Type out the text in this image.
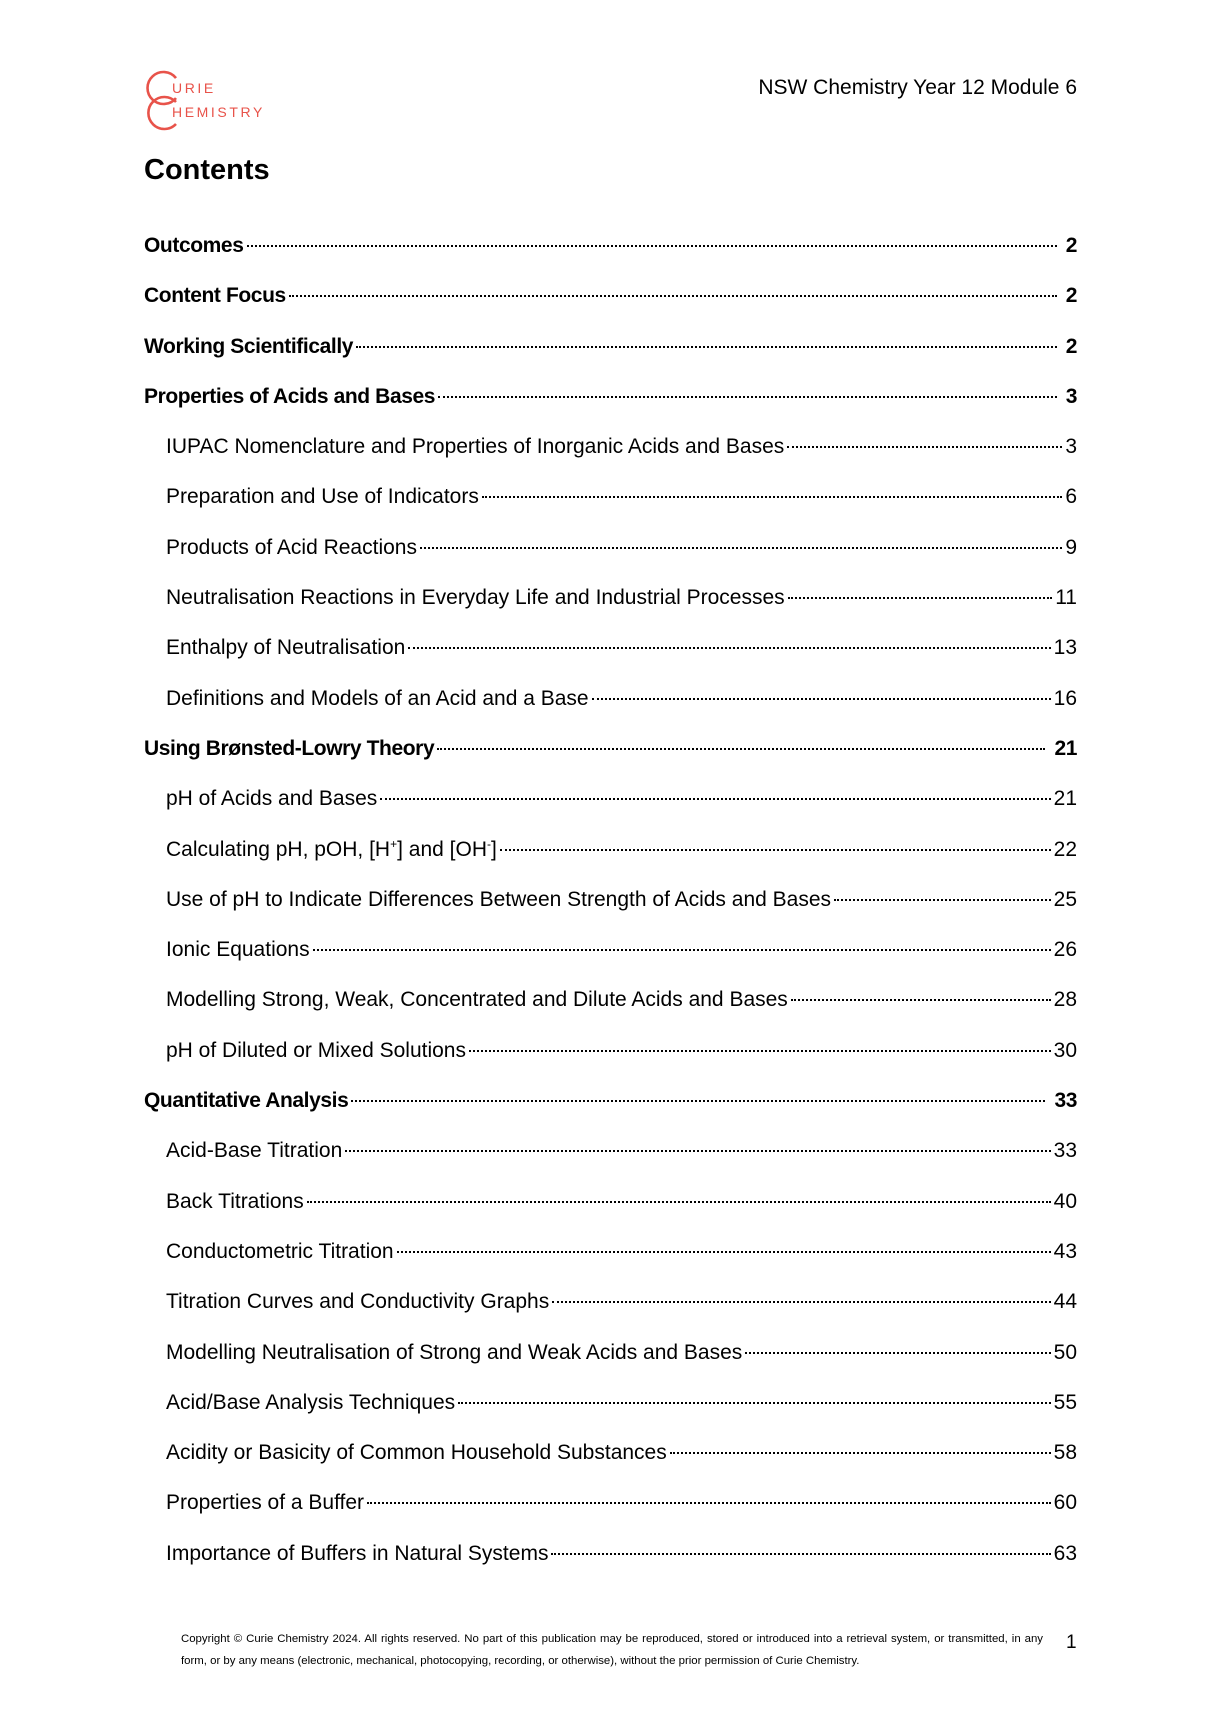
URIE
HEMISTRY
NSW Chemistry Year 12 Module 6
Contents
Outcomes	2
Content Focus	2
Working Scientifically	2
Properties of Acids and Bases	3
IUPAC Nomenclature and Properties of Inorganic Acids and Bases	3
Preparation and Use of Indicators	6
Products of Acid Reactions	9
Neutralisation Reactions in Everyday Life and Industrial Processes	11
Enthalpy of Neutralisation	13
Definitions and Models of an Acid and a Base	16
Using Brønsted-Lowry Theory	21
pH of Acids and Bases	21
Calculating pH, pOH, [H+] and [OH-]	22
Use of pH to Indicate Differences Between Strength of Acids and Bases	25
Ionic Equations	26
Modelling Strong, Weak, Concentrated and Dilute Acids and Bases	28
pH of Diluted or Mixed Solutions	30
Quantitative Analysis	33
Acid-Base Titration	33
Back Titrations	40
Conductometric Titration	43
Titration Curves and Conductivity Graphs	44
Modelling Neutralisation of Strong and Weak Acids and Bases	50
Acid/Base Analysis Techniques	55
Acidity or Basicity of Common Household Substances	58
Properties of a Buffer	60
Importance of Buffers in Natural Systems	63
Copyright © Curie Chemistry 2024. All rights reserved. No part of this publication may be reproduced, stored or introduced into a retrieval system, or transmitted, in any form, or by any means (electronic, mechanical, photocopying, recording, or otherwise), without the prior permission of Curie Chemistry.
1
